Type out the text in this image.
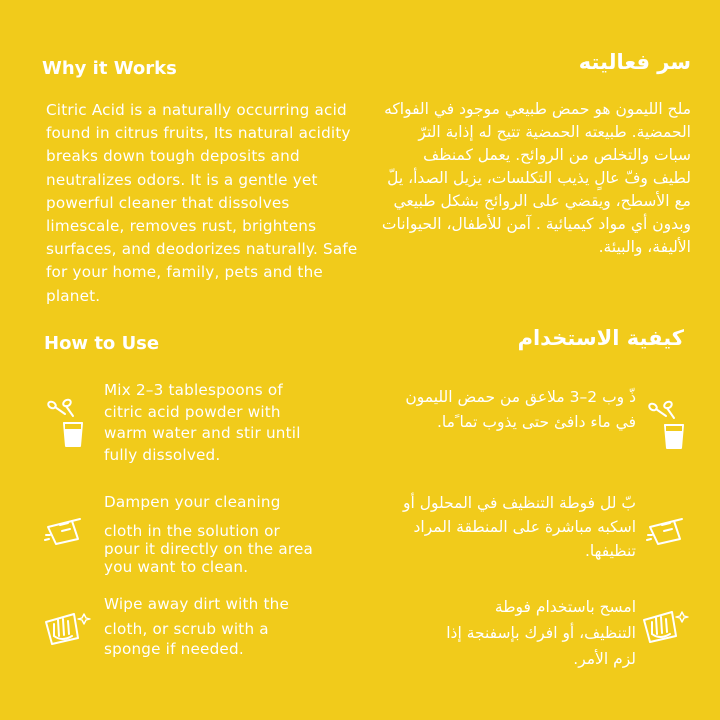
Why it Works
Citric Acid is a naturally occurring acid found in citrus fruits, Its natural acidity breaks down tough deposits and neutralizes odors. It is a gentle yet powerful cleaner that dissolves limescale, removes rust, brightens surfaces, and deodorizes naturally. Safe for your home, family, pets and the planet.
سر فعاليته
ملح الليمون هو حمض طبيعي موجود في الفواكه الحمضية. طبيعته الحمضية تتيح له إذابة الترّ سبات والتخلص من الروائح. يعمل كمنظف لطيف وفّ عالٍ يذيب التكلسات، يزيل الصدأ، يلّ مع الأسطح، ويقضي على الروائح بشكل طبيعي وبدون أي مواد كيميائية . آمن للأطفال، الحيوانات الأليفة، والبيئة.
How to Use	كيفية الاستخدام
Mix 2–3 tablespoons of citric acid powder with warm water and stir until fully dissolved.
ذّ وب 2–3 ملاعق من حمض الليمون في ماء دافئ حتى يذوب تما ًما.
Dampen your cleaning
cloth in the solution or pour it directly on the area you want to clean.
بّ لل فوطة التنظيف في المحلول أو اسكبه مباشرة على المنطقة المراد تنظيفها.
Wipe away dirt with the
cloth, or scrub with a sponge if needed.
امسح باستخدام فوطة التنظيف، أو افرك بإسفنجة إذا لزم الأمر.
